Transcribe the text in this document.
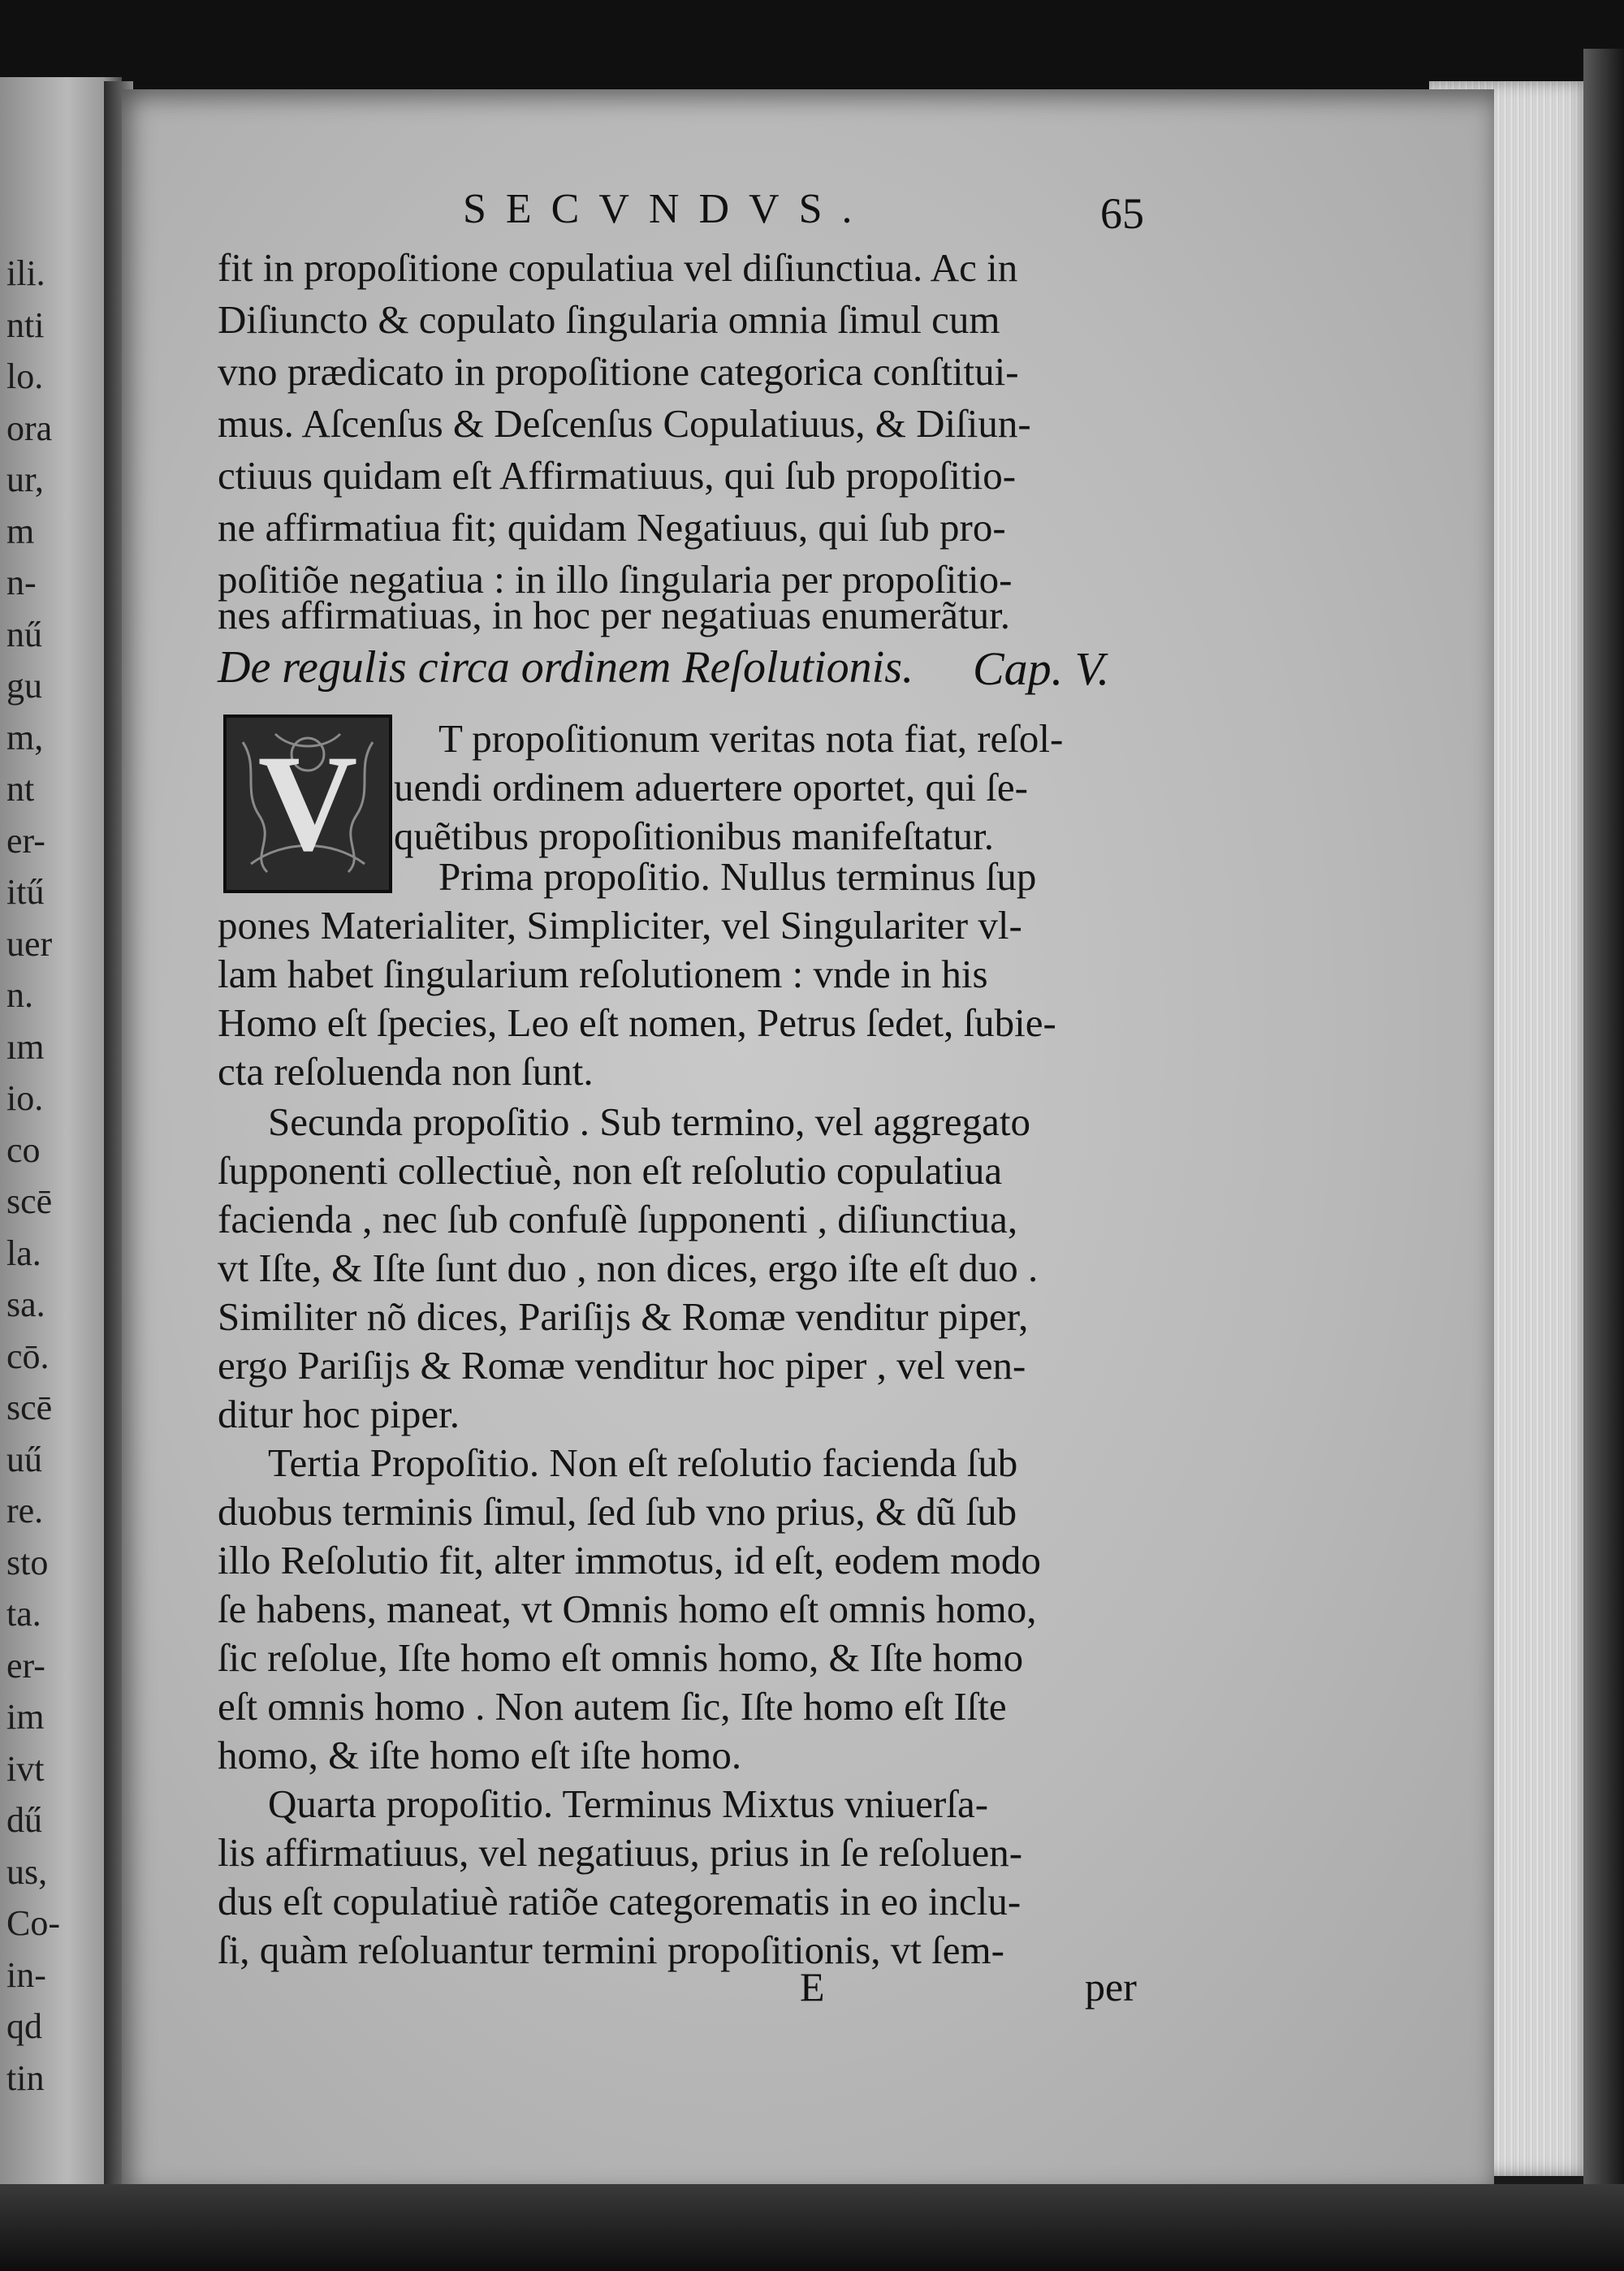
ili.
nti
lo.
ora
ur,
m
n-
nű
gu
m,
nt
er-
itű
uer
n.
ım
io.
co
scē
la.
sa.
cō.
scē
uű
re.
sto
ta.
er-
im
ivt
dű
us,
Co-
in-
qd
tin
SECVNDVS.	65
fit in propoſitione copulatiua vel diſiunctiua. Ac in
Diſiuncto & copulato ſingularia omnia ſimul cum
vno prædicato in propoſitione categorica conſtitui-
mus. Aſcenſus & Deſcenſus Copulatiuus, & Diſiun-
ctiuus quidam eſt Affirmatiuus, qui ſub propoſitio-
ne affirmatiua fit; quidam Negatiuus, qui ſub pro-
poſitiõe negatiua : in illo ſingularia per propoſitio-
nes affirmatiuas, in hoc per negatiuas enumerãtur.
De regulis circa ordinem Reſolutionis. Cap. V.
V	T propoſitionum veritas nota fiat, reſol-
uendi ordinem aduertere oportet, qui ſe-
quẽtibus propoſitionibus manifeſtatur.
Prima propoſitio. Nullus terminus ſup
pones Materialiter, Simpliciter, vel Singulariter vl-
lam habet ſingularium reſolutionem : vnde in his
Homo eſt ſpecies, Leo eſt nomen, Petrus ſedet, ſubie-
cta reſoluenda non ſunt.
Secunda propoſitio . Sub termino, vel aggregato
ſupponenti collectiuè, non eſt reſolutio copulatiua
facienda , nec ſub confuſè ſupponenti , diſiunctiua,
vt Iſte, & Iſte ſunt duo , non dices, ergo iſte eſt duo .
Similiter nõ dices, Pariſijs & Romæ venditur piper,
ergo Pariſijs & Romæ venditur hoc piper , vel ven-
ditur hoc piper.
Tertia Propoſitio. Non eſt reſolutio facienda ſub
duobus terminis ſimul, ſed ſub vno prius, & dũ ſub
illo Reſolutio fit, alter immotus, id eſt, eodem modo
ſe habens, maneat, vt Omnis homo eſt omnis homo,
ſic reſolue, Iſte homo eſt omnis homo, & Iſte homo
eſt omnis homo . Non autem ſic, Iſte homo eſt Iſte
homo, & iſte homo eſt iſte homo.
Quarta propoſitio. Terminus Mixtus vniuerſa-
lis affirmatiuus, vel negatiuus, prius in ſe reſoluen-
dus eſt copulatiuè ratiõe categorematis in eo inclu-
ſi, quàm reſoluantur termini propoſitionis, vt ſem-
E	per
